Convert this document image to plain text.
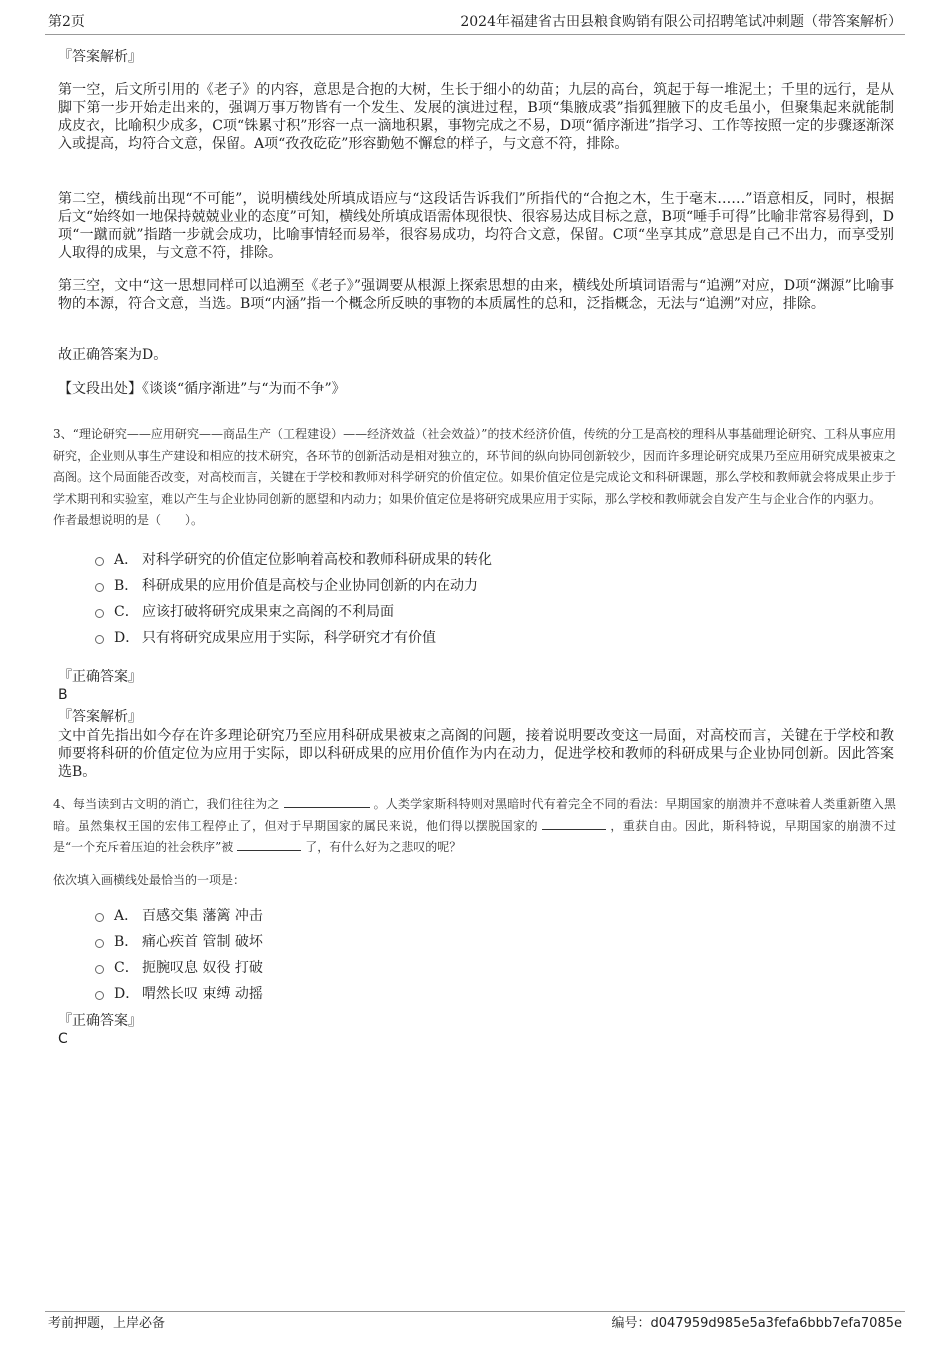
第2页	2024年福建省古田县粮食购销有限公司招聘笔试冲刺题（带答案解析）
『答案解析』
第一空，后文所引用的《老子》的内容，意思是合抱的大树，生长于细小的幼苗；九层的高台，筑起于每一堆泥土；千里的远行，是从脚下第一步开始走出来的，强调万事万物皆有一个发生、发展的演进过程，B项“集腋成裘”指狐狸腋下的皮毛虽小，但聚集起来就能制成皮衣，比喻积少成多，C项“铢累寸积”形容一点一滴地积累，事物完成之不易，D项“循序渐进”指学习、工作等按照一定的步骤逐渐深入或提高，均符合文意，保留。A项“孜孜矻矻”形容勤勉不懈怠的样子，与文意不符，排除。
第二空，横线前出现“不可能”，说明横线处所填成语应与“这段话告诉我们”所指代的“合抱之木，生于毫末……”语意相反，同时，根据后文“始终如一地保持兢兢业业的态度”可知，横线处所填成语需体现很快、很容易达成目标之意，B项“唾手可得”比喻非常容易得到，D项“一蹴而就”指踏一步就会成功，比喻事情轻而易举，很容易成功，均符合文意，保留。C项“坐享其成”意思是自己不出力，而享受别人取得的成果，与文意不符，排除。
第三空，文中“这一思想同样可以追溯至《老子》”强调要从根源上探索思想的由来，横线处所填词语需与“追溯”对应，D项“渊源”比喻事物的本源，符合文意，当选。B项“内涵”指一个概念所反映的事物的本质属性的总和，泛指概念，无法与“追溯”对应，排除。
故正确答案为D。
【文段出处】《谈谈“循序渐进”与“为而不争”》
3、“理论研究——应用研究——商品生产（工程建设）——经济效益（社会效益）”的技术经济价值，传统的分工是高校的理科从事基础理论研究、工科从事应用研究，企业则从事生产建设和相应的技术研究，各环节的创新活动是相对独立的，环节间的纵向协同创新较少，因而许多理论研究成果乃至应用研究成果被束之高阁。这个局面能否改变，对高校而言，关键在于学校和教师对科学研究的价值定位。如果价值定位是完成论文和科研课题，那么学校和教师就会将成果止步于学术期刊和实验室，难以产生与企业协同创新的愿望和内动力；如果价值定位是将研究成果应用于实际，那么学校和教师就会自发产生与企业合作的内驱力。
作者最想说明的是（　　）。
A． 对科学研究的价值定位影响着高校和教师科研成果的转化
B． 科研成果的应用价值是高校与企业协同创新的内在动力
C． 应该打破将研究成果束之高阁的不利局面
D． 只有将研究成果应用于实际，科学研究才有价值
『正确答案』
B
『答案解析』
文中首先指出如今存在许多理论研究乃至应用科研成果被束之高阁的问题，接着说明要改变这一局面，对高校而言，关键在于学校和教师要将科研的价值定位为应用于实际，即以科研成果的应用价值作为内在动力，促进学校和教师的科研成果与企业协同创新。因此答案选B。
4、每当读到古文明的消亡，我们往往为之	。人类学家斯科特则对黑暗时代有着完全不同的看法：早期国家的崩溃并不意味着人类重新堕入黑暗。虽然集权王国的宏伟工程停止了，但对于早期国家的属民来说，他们得以摆脱国家的	，重获自由。因此，斯科特说，早期国家的崩溃不过是“一个充斥着压迫的社会秩序”被	了，有什么好为之悲叹的呢？
依次填入画横线处最恰当的一项是：
A． 百感交集 藩篱 冲击
B． 痛心疾首 管制 破坏
C． 扼腕叹息 奴役 打破
D． 喟然长叹 束缚 动摇
『正确答案』
C
考前押题，上岸必备	编号：d047959d985e5a3fefa6bbb7efa7085e
